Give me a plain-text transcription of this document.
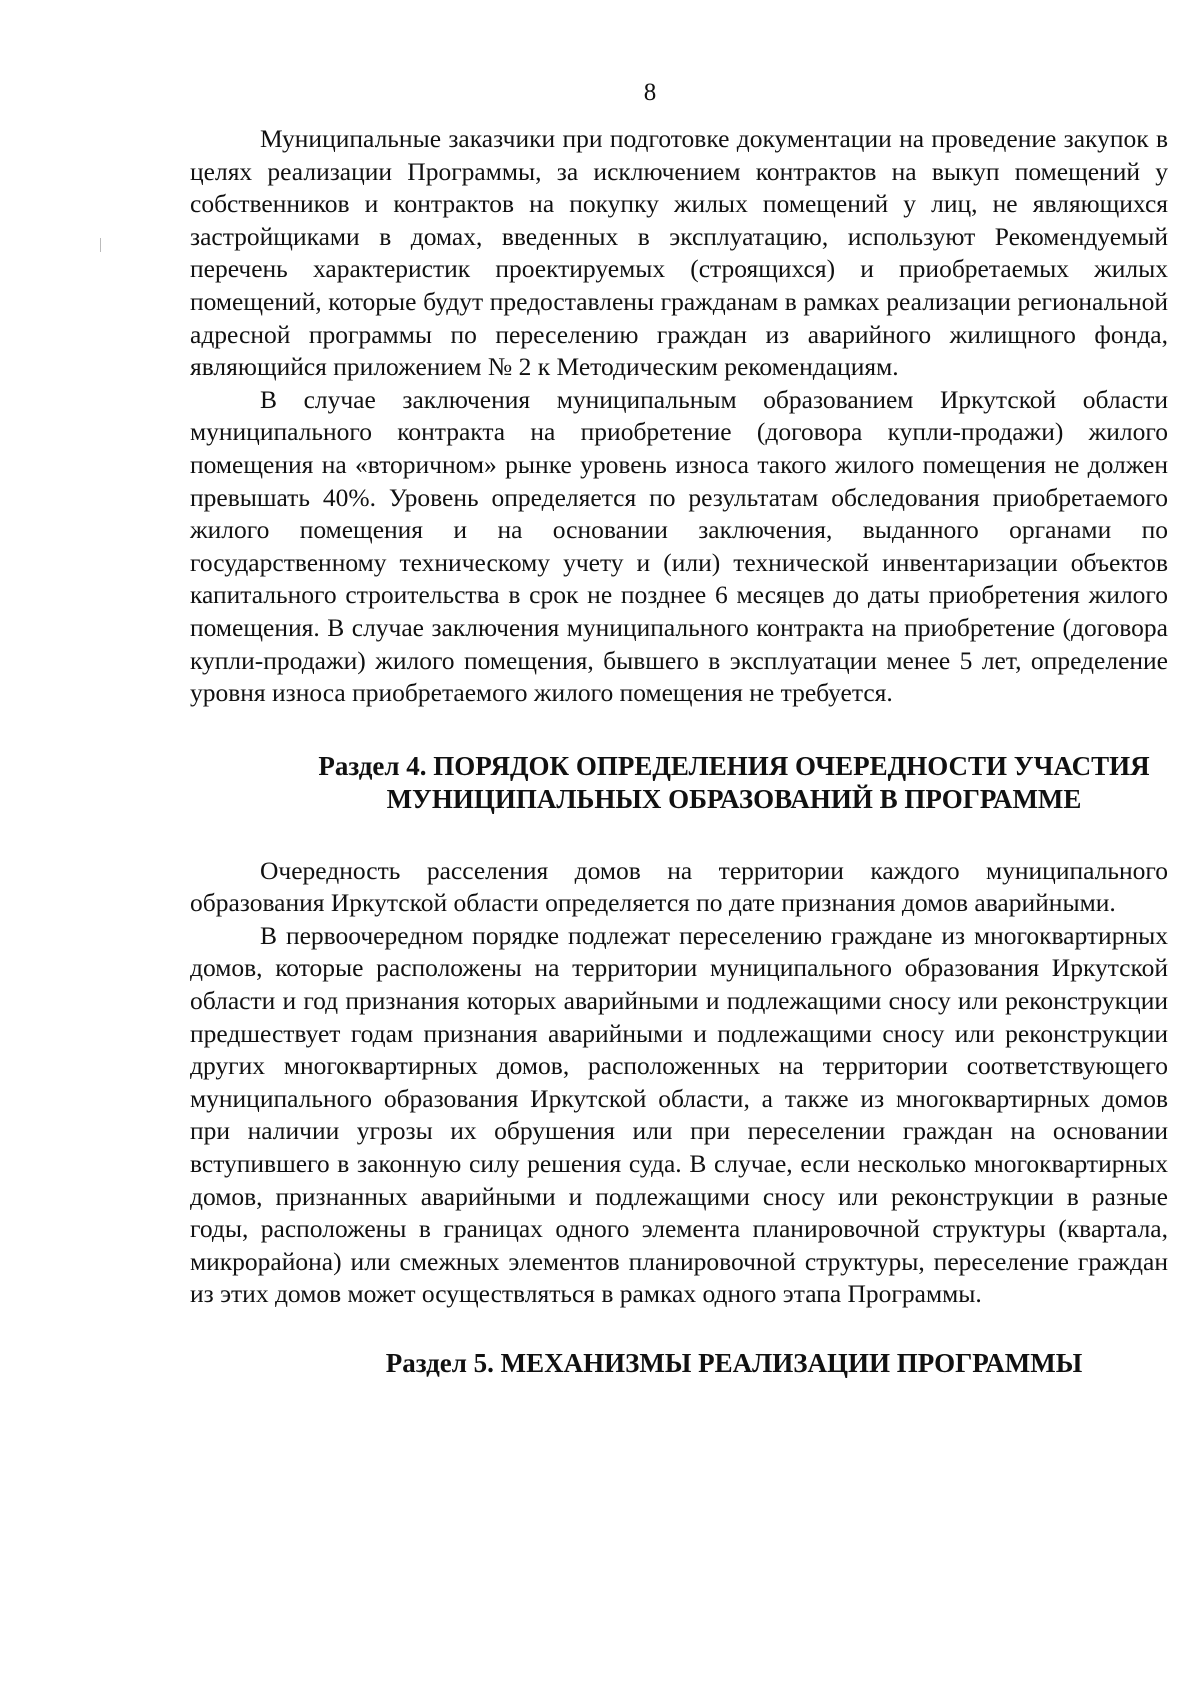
8

Муниципальные заказчики при подготовке документации на проведение закупок в целях реализации Программы, за исключением контрактов на выкуп помещений у собственников и контрактов на покупку жилых помещений у лиц, не являющихся застройщиками в домах, введенных в эксплуатацию, используют Рекомендуемый перечень характеристик проектируемых (строящихся) и приобретаемых жилых помещений, которые будут предоставлены гражданам в рамках реализации региональной адресной программы по переселению граждан из аварийного жилищного фонда, являющийся приложением № 2 к Методическим рекомендациям.

В случае заключения муниципальным образованием Иркутской области муниципального контракта на приобретение (договора купли-продажи) жилого помещения на «вторичном» рынке уровень износа такого жилого помещения не должен превышать 40%. Уровень определяется по результатам обследования приобретаемого жилого помещения и на основании заключения, выданного органами по государственному техническому учету и (или) технической инвентаризации объектов капитального строительства в срок не позднее 6 месяцев до даты приобретения жилого помещения. В случае заключения муниципального контракта на приобретение (договора купли-продажи) жилого помещения, бывшего в эксплуатации менее 5 лет, определение уровня износа приобретаемого жилого помещения не требуется.

Раздел 4. ПОРЯДОК ОПРЕДЕЛЕНИЯ ОЧЕРЕДНОСТИ УЧАСТИЯ
МУНИЦИПАЛЬНЫХ ОБРАЗОВАНИЙ В ПРОГРАММЕ

Очередность расселения домов на территории каждого муниципального образования Иркутской области определяется по дате признания домов аварийными.

В первоочередном порядке подлежат переселению граждане из многоквартирных домов, которые расположены на территории муниципального образования Иркутской области и год признания которых аварийными и подлежащими сносу или реконструкции предшествует годам признания аварийными и подлежащими сносу или реконструкции других многоквартирных домов, расположенных на территории соответствующего муниципального образования Иркутской области, а также из многоквартирных домов при наличии угрозы их обрушения или при переселении граждан на основании вступившего в законную силу решения суда. В случае, если несколько многоквартирных домов, признанных аварийными и подлежащими сносу или реконструкции в разные годы, расположены в границах одного элемента планировочной структуры (квартала, микрорайона) или смежных элементов планировочной структуры, переселение граждан из этих домов может осуществляться в рамках одного этапа Программы.

Раздел 5. МЕХАНИЗМЫ РЕАЛИЗАЦИИ ПРОГРАММЫ
